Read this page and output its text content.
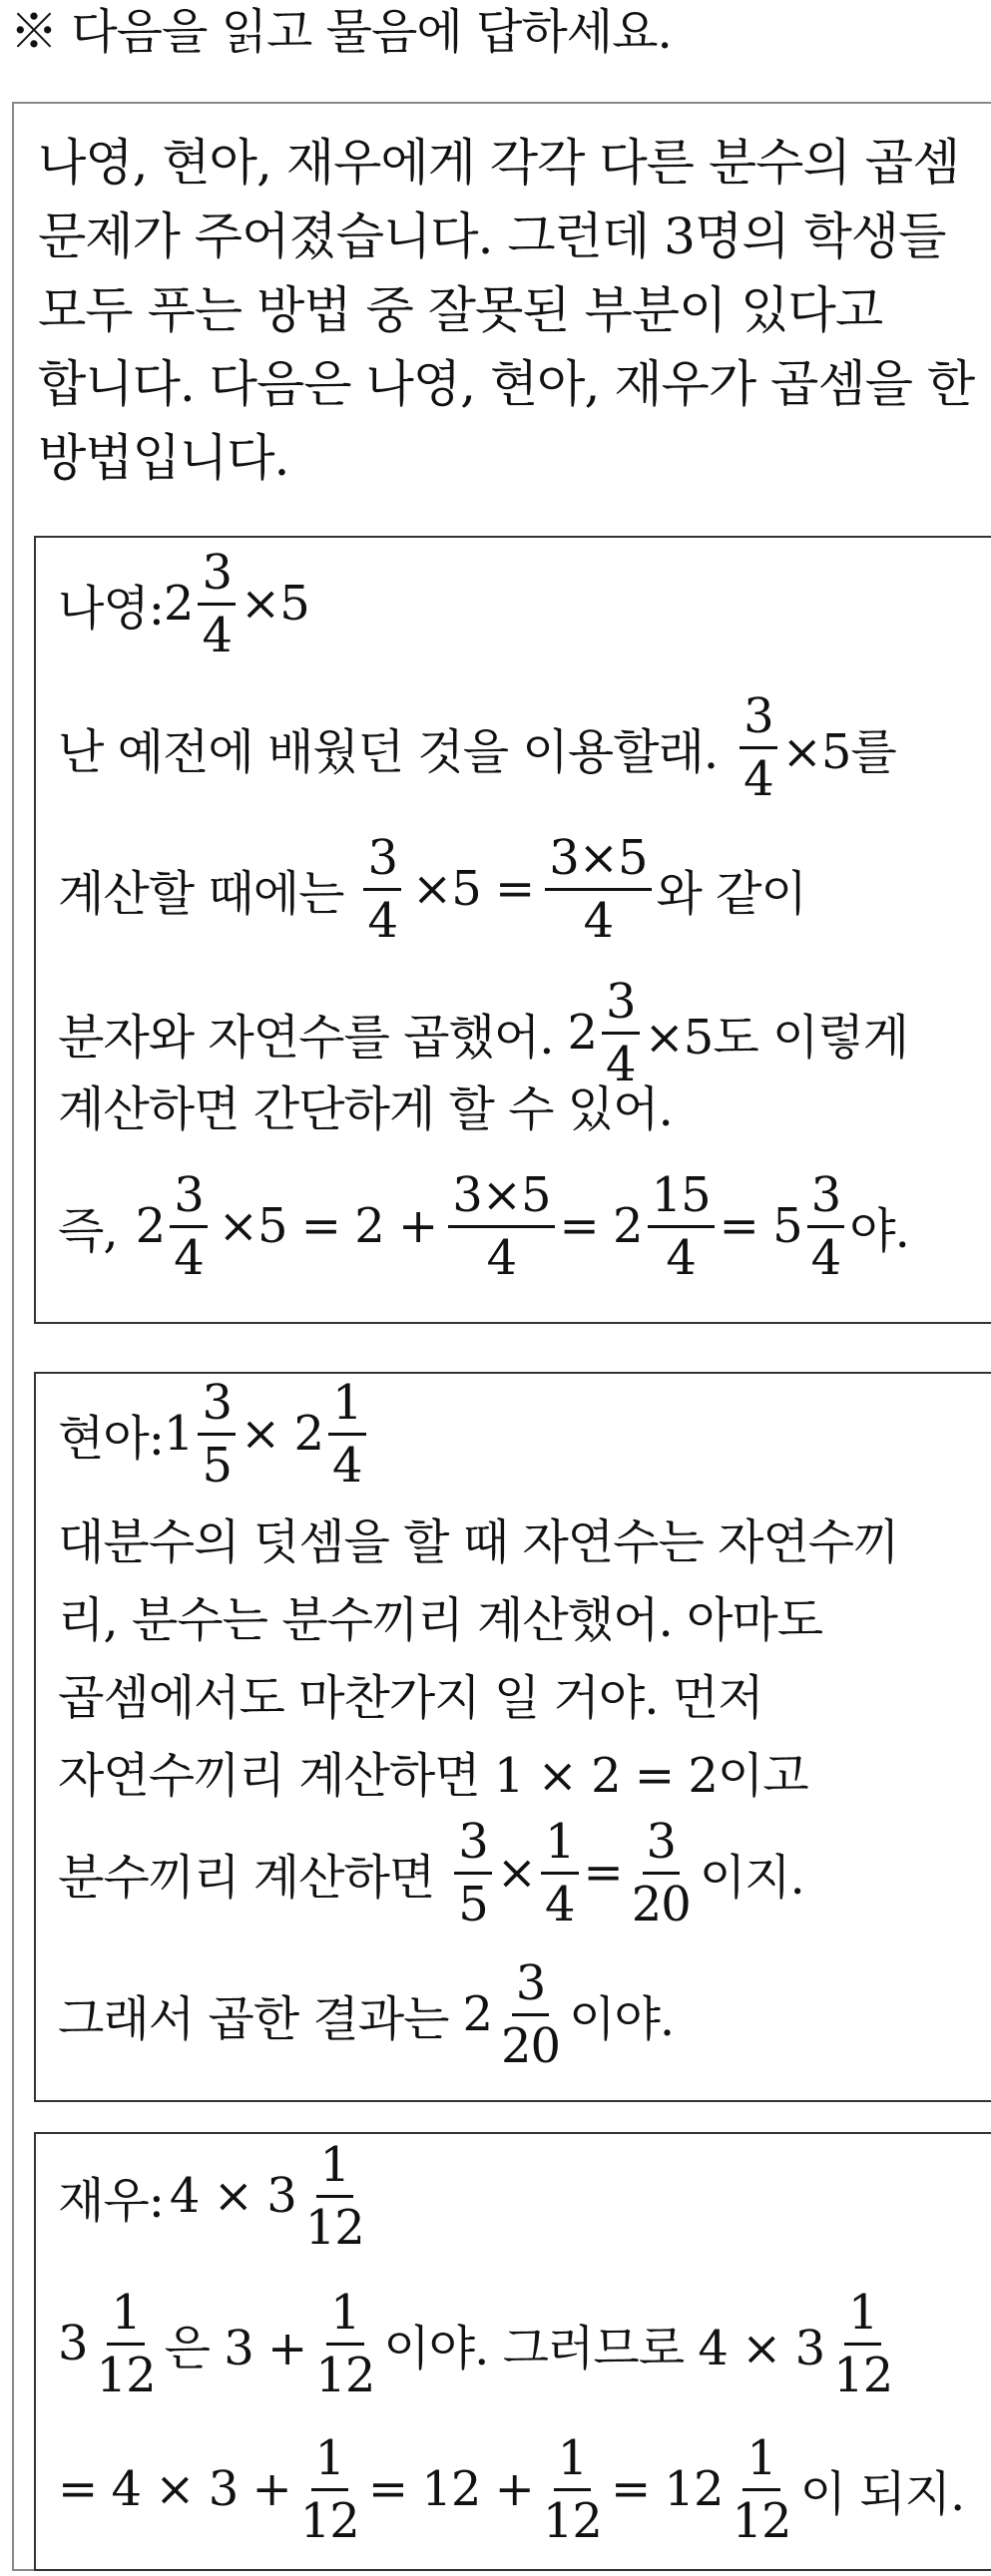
※ 다음을 읽고 물음에 답하세요.

나영, 현아, 재우에게 각각 다른 분수의 곱셈

문제가 주어졌습니다. 그런데 3명의 학생들

모두 푸는 방법 중 잘못된 부분이 있다고

합니다. 다음은 나영, 현아, 재우가 곱셈을 한

방법입니다.

나영: $2 \frac{3}{4} \times 5$
난 예전에 배웠던 것을 이용할래. $\frac{3}{4} \times 5$를
계산할 때에는 $\frac{3}{4} \times 5 = \frac{3\times 5}{4}$ 와 같이
분자와 자연수를 곱했어. $2 \frac{3}{4} \times 5$도 이렇게
계산하면 간단하게 할 수 있어.
즉, $2 \frac{3}{4} \times 5 = 2 + \frac{3\times 5}{4} = 2 \frac{15}{4} = 5 \frac{3}{4}$ 야.
현아: $1 \frac{3}{5} \times 2 \frac{1}{4}$
대분수의 덧셈을 할 때 자연수는 자연수끼
리, 분수는 분수끼리 계산했어. 아마도
곱셈에서도 마찬가지 일 거야. 먼저
자연수끼리 계산하면 1 × 2 = 2이고
분수끼리 계산하면 $\frac{3}{5} \times \frac{1}{4} = \frac{3}{20}$ 이지.
그래서 곱한 결과는 $2 \frac{3}{20}$ 이야.
재우: $4 \times 3 \frac{1}{12}$
$3 \frac{1}{12}$ 은 $3 + \frac{1}{12}$ 이야. 그러므로 $4 \times 3 \frac{1}{12}$
= $4 \times 3 + \frac{1}{12} = 12 + \frac{1}{12} = 12 \frac{1}{12}$ 이 되지.
